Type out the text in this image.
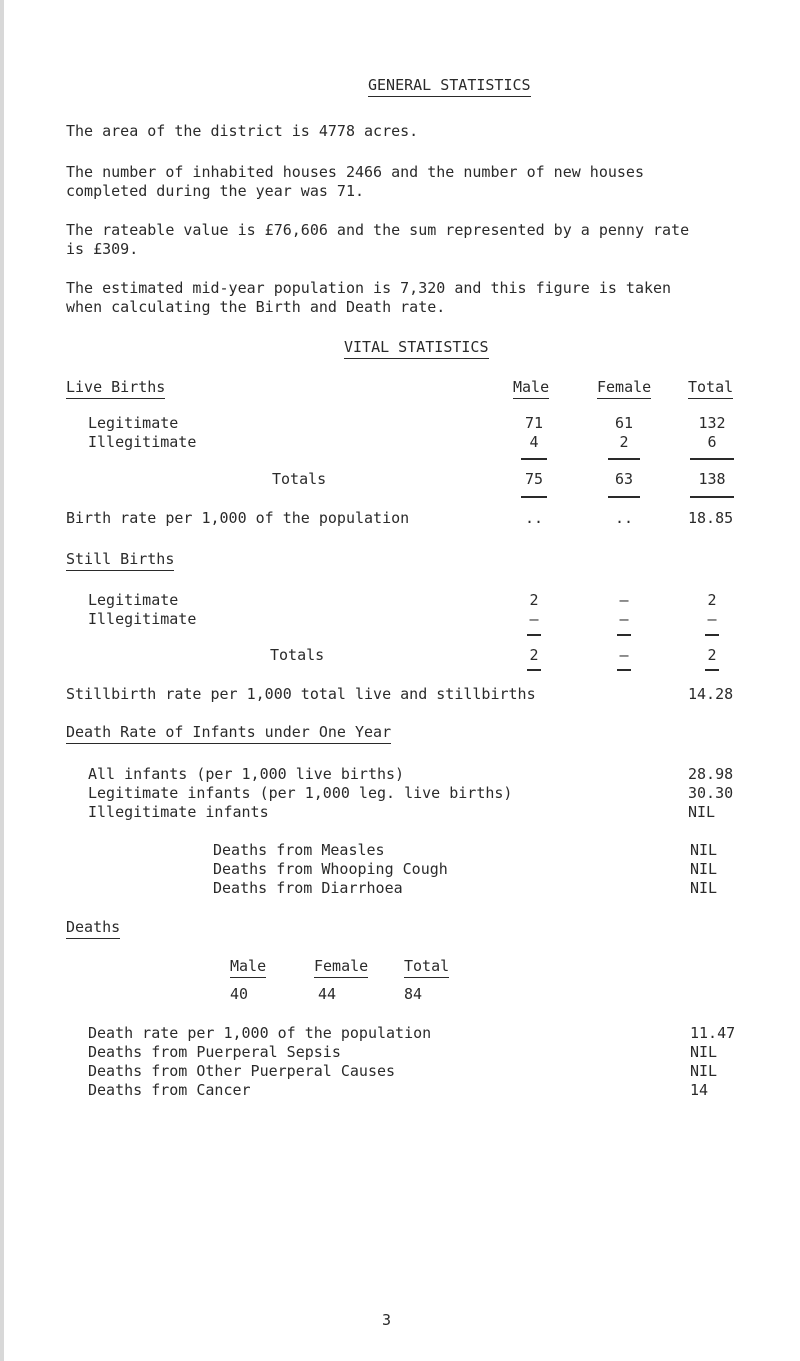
GENERAL STATISTICS
The area of the district is 4778 acres.
The number of inhabited houses 2466 and the number of new houses
completed during the year was 71.
The rateable value is £76,606 and the sum represented by a penny rate
is £309.
The estimated mid-year population is 7,320 and this figure is taken
when calculating the Birth and Death rate.
VITAL STATISTICS
Live Births	Male	Female Total
Legitimate	71	61	132
Illegitimate	4	2	6
Totals	75	63	138
Birth rate per 1,000 of the population	..	..	18.85
Still Births
Legitimate	2	–	2
Illegitimate	–	–	–
Totals	2	–	2
Stillbirth rate per 1,000 total live and stillbirths	14.28
Death Rate of Infants under One Year
All infants (per 1,000 live births)	28.98
Legitimate infants (per 1,000 leg. live births)	30.30
Illegitimate infants	NIL
Deaths from Measles	NIL
Deaths from Whooping Cough	NIL
Deaths from Diarrhoea	NIL
Deaths
Male	Female Total
40	44	84
Death rate per 1,000 of the population	11.47
Deaths from Puerperal Sepsis	NIL
Deaths from Other Puerperal Causes	NIL
Deaths from Cancer	14
3
